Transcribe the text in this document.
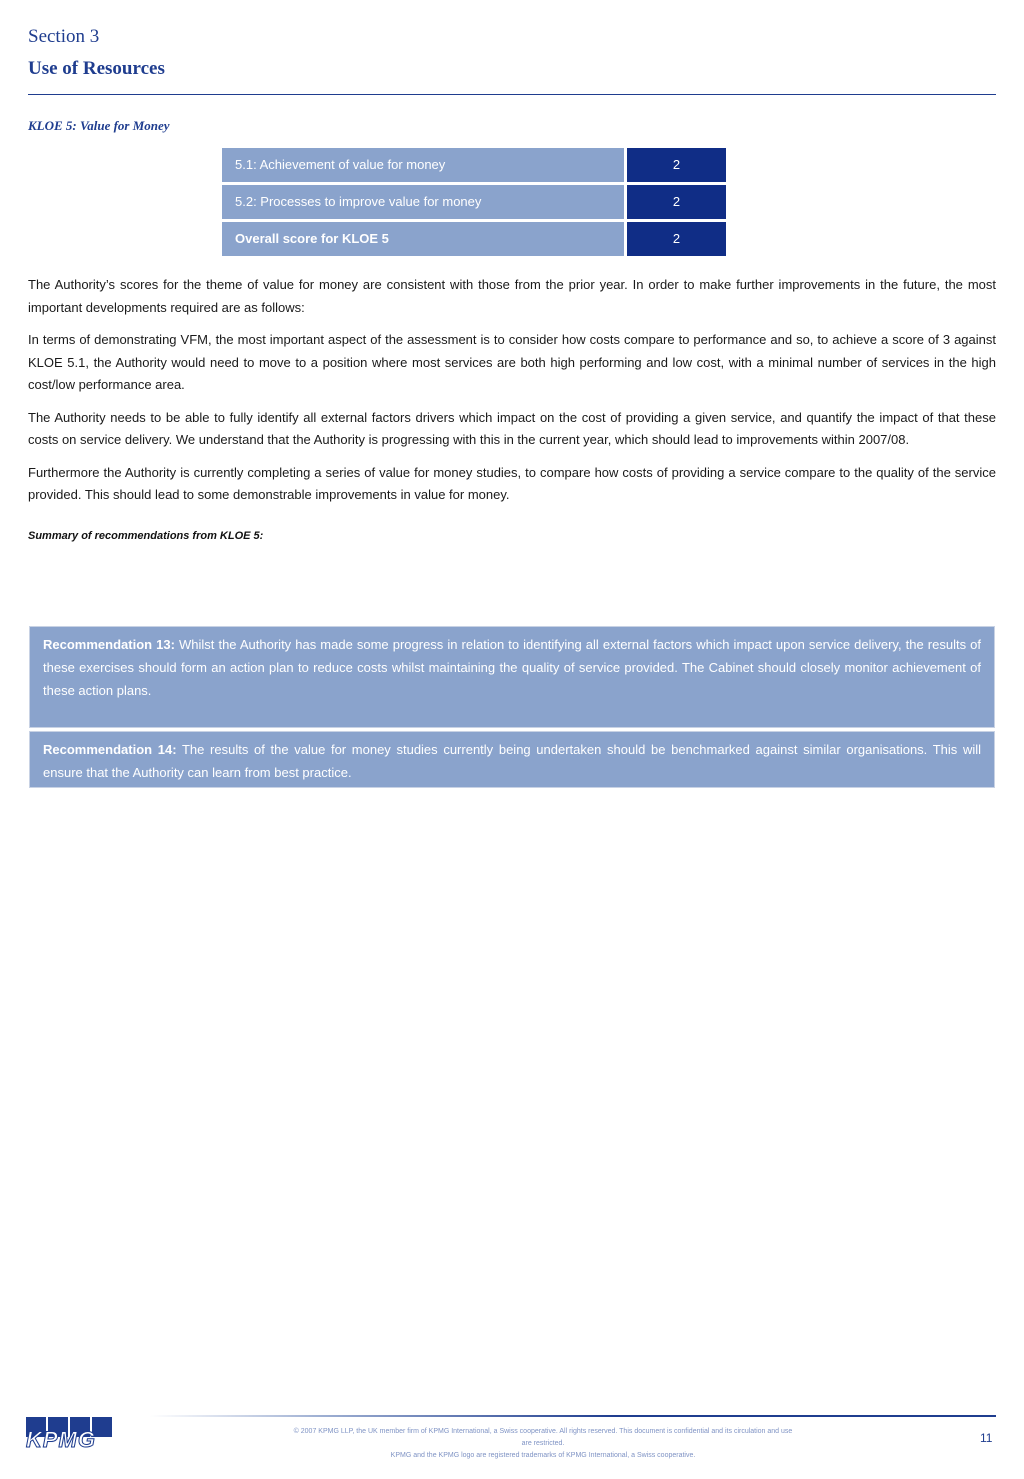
Section 3
Use of Resources
KLOE 5: Value for Money
5.1: Achievement of value for money	2
5.2: Processes to improve value for money	2
Overall score for KLOE 5	2

The Authority’s scores for the theme of value for money are consistent with those from the prior year. In order to make further improvements in the future, the most important developments required are as follows:

In terms of demonstrating VFM, the most important aspect of the assessment is to consider how costs compare to performance and so, to achieve a score of 3 against KLOE 5.1, the Authority would need to move to a position where most services are both high performing and low cost, with a minimal number of services in the high cost/low performance area.

The Authority needs to be able to fully identify all external factors drivers which impact on the cost of providing a given service, and quantify the impact of that these costs on service delivery. We understand that the Authority is progressing with this in the current year, which should lead to improvements within 2007/08.

Furthermore the Authority is currently completing a series of value for money studies, to compare how costs of providing a service compare to the quality of the service provided. This should lead to some demonstrable improvements in value for money.

Summary of recommendations from KLOE 5:
Recommendation 13: Whilst the Authority has made some progress in relation to identifying all external factors which impact upon service delivery, the results of these exercises should form an action plan to reduce costs whilst maintaining the quality of service provided. The Cabinet should closely monitor achievement of these action plans.
Recommendation 14: The results of the value for money studies currently being undertaken should be benchmarked against similar organisations. This will ensure that the Authority can learn from best practice.
KPMG	© 2007 KPMG LLP, the UK member firm of KPMG International, a Swiss cooperative. All rights reserved. This document is confidential and its circulation and use
are restricted.
KPMG and the KPMG logo are registered trademarks of KPMG International, a Swiss cooperative.
11
